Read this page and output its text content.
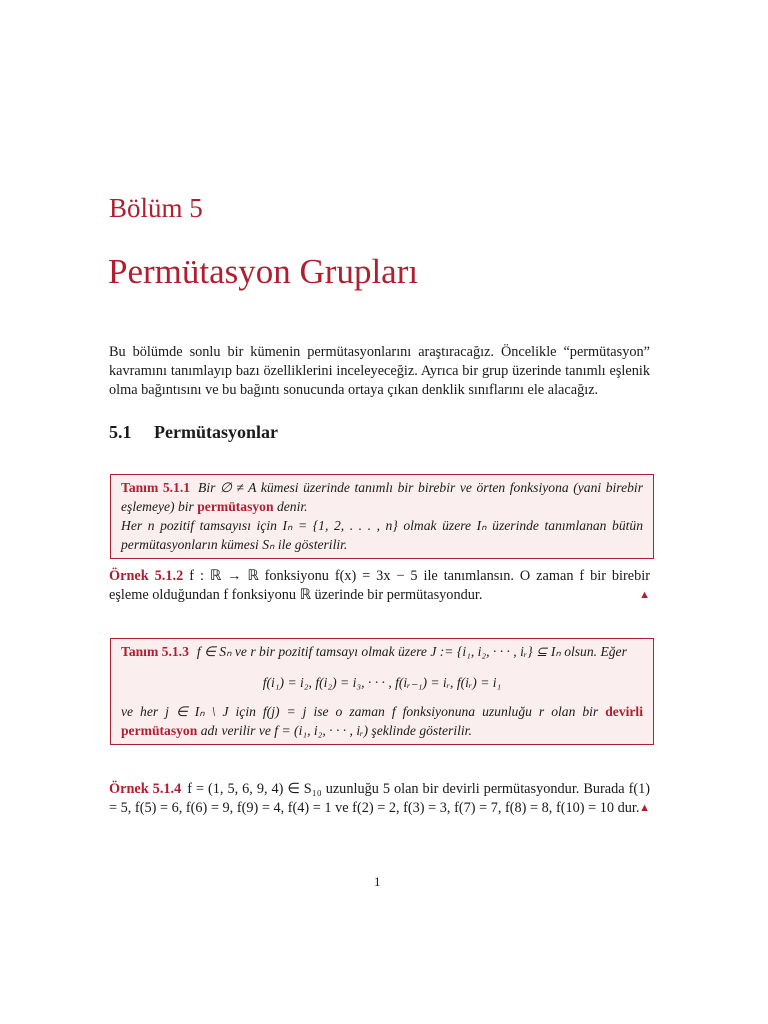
Bölüm 5
Permütasyon Grupları
Bu bölümde sonlu bir kümenin permütasyonlarını araştıracağız. Öncelikle “permütasyon” kavramını tanımlayıp bazı özelliklerini inceleyeceğiz. Ayrıca bir grup üzerinde tanımlı eşlenik olma bağıntısını ve bu bağıntı sonucunda ortaya çıkan denklik sınıflarını ele alacağız.
5.1 Permütasyonlar
Tanım 5.1.1 Bir ∅ ≠ A kümesi üzerinde tanımlı bir birebir ve örten fonksiyona (yani birebir eşlemeye) bir permütasyon denir.
Her n pozitif tamsayısı için Iₙ = {1, 2, . . . , n} olmak üzere Iₙ üzerinde tanımlanan bütün permütasyonların kümesi Sₙ ile gösterilir.
Örnek 5.1.2 f : ℝ → ℝ fonksiyonu f(x) = 3x − 5 ile tanımlansın. O zaman f bir birebir eşleme olduğundan f fonksiyonu ℝ üzerinde bir permütasyondur.	▲
Tanım 5.1.3 f ∈ Sₙ ve r bir pozitif tamsayı olmak üzere J := {i₁, i₂, · · · , iᵣ} ⊆ Iₙ olsun. Eğer
f(i₁) = i₂, f(i₂) = i₃, · · · , f(iᵣ₋₁) = iᵣ, f(iᵣ) = i₁
ve her j ∈ Iₙ \ J için f(j) = j ise o zaman f fonksiyonuna uzunluğu r olan bir devirli permütasyon adı verilir ve f = (i₁, i₂, · · · , iᵣ) şeklinde gösterilir.
Örnek 5.1.4 f = (1, 5, 6, 9, 4) ∈ S₁₀ uzunluğu 5 olan bir devirli permütasyondur. Burada f(1) = 5, f(5) = 6, f(6) = 9, f(9) = 4, f(4) = 1 ve f(2) = 2, f(3) = 3, f(7) = 7, f(8) = 8, f(10) = 10 dur. ▲
1
